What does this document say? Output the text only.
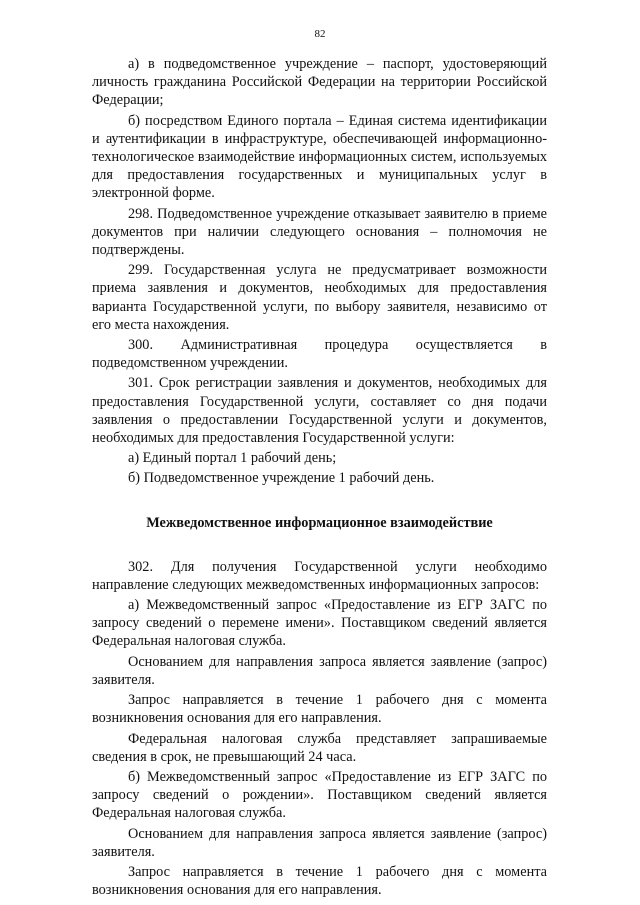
82

а) в подведомственное учреждение – паспорт, удостоверяющий личность гражданина Российской Федерации на территории Российской Федерации;

б) посредством Единого портала – Единая система идентификации и аутентификации в инфраструктуре, обеспечивающей информационно-технологическое взаимодействие информационных систем, используемых для предоставления государственных и муниципальных услуг в электронной форме.

298. Подведомственное учреждение отказывает заявителю в приеме документов при наличии следующего основания – полномочия не подтверждены.

299. Государственная услуга не предусматривает возможности приема заявления и документов, необходимых для предоставления варианта Государственной услуги, по выбору заявителя, независимо от его места нахождения.

300. Административная процедура осуществляется в подведомственном учреждении.

301. Срок регистрации заявления и документов, необходимых для предоставления Государственной услуги, составляет со дня подачи заявления о предоставлении Государственной услуги и документов, необходимых для предоставления Государственной услуги:

а) Единый портал 1 рабочий день;

б) Подведомственное учреждение 1 рабочий день.

Межведомственное информационное взаимодействие

302. Для получения Государственной услуги необходимо направление следующих межведомственных информационных запросов:

а) Межведомственный запрос «Предоставление из ЕГР ЗАГС по запросу сведений о перемене имени». Поставщиком сведений является Федеральная налоговая служба.

Основанием для направления запроса является заявление (запрос) заявителя.

Запрос направляется в течение 1 рабочего дня с момента возникновения основания для его направления.

Федеральная налоговая служба представляет запрашиваемые сведения в срок, не превышающий 24 часа.

б) Межведомственный запрос «Предоставление из ЕГР ЗАГС по запросу сведений о рождении». Поставщиком сведений является Федеральная налоговая служба.

Основанием для направления запроса является заявление (запрос) заявителя.

Запрос направляется в течение 1 рабочего дня с момента возникновения основания для его направления.
